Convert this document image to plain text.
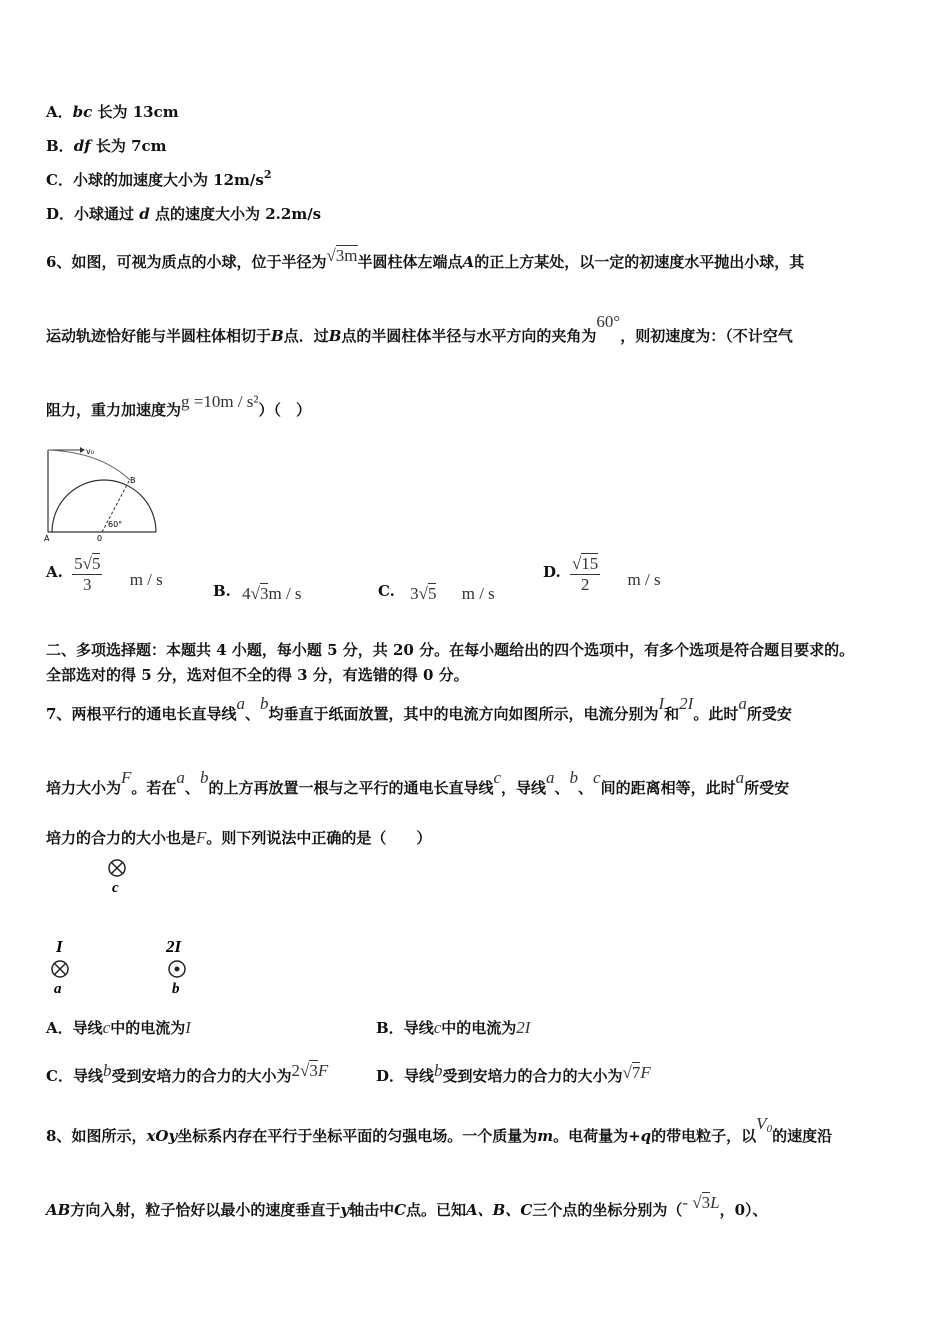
A．bc 长为 13cm
B．df 长为 7cm
C．小球的加速度大小为 $12m/s^2$
D．小球通过 d 点的速度大小为 2.2m/s
6、如图，可视为质点的小球，位于半径为√3m半圆柱体左端点A的正上方某处，以一定的初速度水平抛出小球，其
运动轨迹恰好能与半圆柱体相切于B点．过B点的半圆柱体半径与水平方向的夹角为60°，则初速度为：（不计空气
阻力，重力加速度为g =10m / s²）（　）
v₀
B
A	0
60°
A. $\frac{5√5}{3}$ m / s
B. 4√3m / s	C. 3√5 m / s
D. $\frac{√15}{2}$ m / s
二、多项选择题：本题共 4 小题，每小题 5 分，共 20 分。在每小题给出的四个选项中，有多个选项是符合题目要求的。
全部选对的得 5 分，选对但不全的得 3 分，有选错的得 0 分。
7、两根平行的通电长直导线a、b均垂直于纸面放置，其中的电流方向如图所示，电流分别为I和2I。此时a所受安
培力大小为F。若在a、b的上方再放置一根与之平行的通电长直导线c，导线a、b、c间的距离相等，此时a所受安
培力的合力的大小也是F。则下列说法中正确的是（　　）
c
I
a
2I
b
A．导线c中的电流为I	B．导线c中的电流为2I
C．导线b受到安培力的合力的大小为2√3F	D．导线b受到安培力的合力的大小为√7F
8、如图所示，xOy坐标系内存在平行于坐标平面的匀强电场。一个质量为m。电荷量为+q的带电粒子，以V0的速度沿
AB方向入射，粒子恰好以最小的速度垂直于y轴击中C点。已知A、B、C三个点的坐标分别为（- √3L，0）、
